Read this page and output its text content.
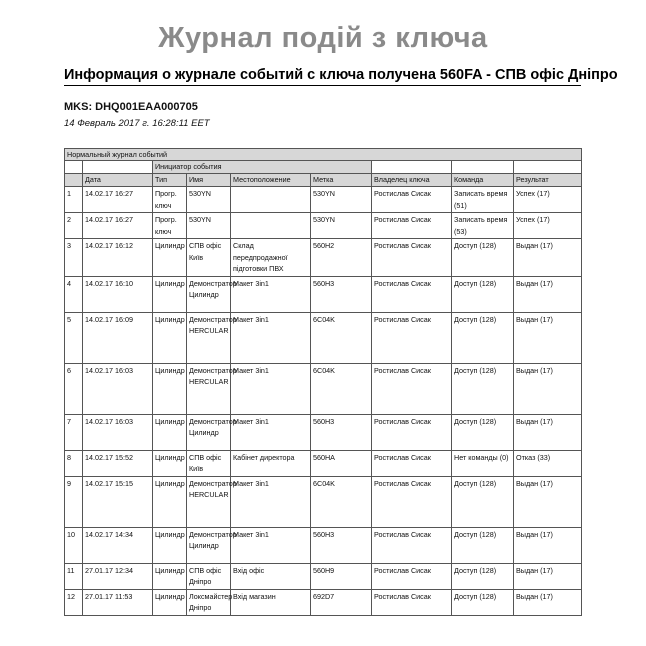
Журнал подій з ключа
Информация о журнале событий с ключа получена 560FA - СПВ офіс Дніпро
MKS: DHQ001EAA000705
14 Февраль 2017 г. 16:28:11 EET
Нормальный журнал событий								
		Инициатор события						
	Дата	Тип	Имя	Местоположение	Метка	Владелец ключа	Команда	Результат
1	14.02.17 16:27	Прогр. ключ	530YN		530YN	Ростислав Сисак	Записать время (51)	Успех (17)
2	14.02.17 16:27	Прогр. ключ	530YN		530YN	Ростислав Сисак	Записать время (53)	Успех (17)
3	14.02.17 16:12	Цилиндр	СПВ офіс Київ	Склад передпродажної підготовки ПВХ	560H2	Ростислав Сисак	Доступ (128)	Выдан (17)
4	14.02.17 16:10	Цилиндр	Демонстратор Цилиндр	Макет 3in1	560H3	Ростислав Сисак	Доступ (128)	Выдан (17)
5	14.02.17 16:09	Цилиндр	Демонстратор HERCULAR	Макет 3in1	6C04K	Ростислав Сисак	Доступ (128)	Выдан (17)
6	14.02.17 16:03	Цилиндр	Демонстратор HERCULAR	Макет 3in1	6C04K	Ростислав Сисак	Доступ (128)	Выдан (17)
7	14.02.17 16:03	Цилиндр	Демонстратор Цилиндр	Макет 3in1	560H3	Ростислав Сисак	Доступ (128)	Выдан (17)
8	14.02.17 15:52	Цилиндр	СПВ офіс Київ	Кабінет директора	560HA	Ростислав Сисак	Нет команды (0)	Отказ (33)
9	14.02.17 15:15	Цилиндр	Демонстратор HERCULAR	Макет 3in1	6C04K	Ростислав Сисак	Доступ (128)	Выдан (17)
10	14.02.17 14:34	Цилиндр	Демонстратор Цилиндр	Макет 3in1	560H3	Ростислав Сисак	Доступ (128)	Выдан (17)
11	27.01.17 12:34	Цилиндр	СПВ офіс Дніпро	Вхід офіс	560H9	Ростислав Сисак	Доступ (128)	Выдан (17)
12	27.01.17 11:53	Цилиндр	Локсмайстер Дніпро	Вхід магазин	692D7	Ростислав Сисак	Доступ (128)	Выдан (17)
